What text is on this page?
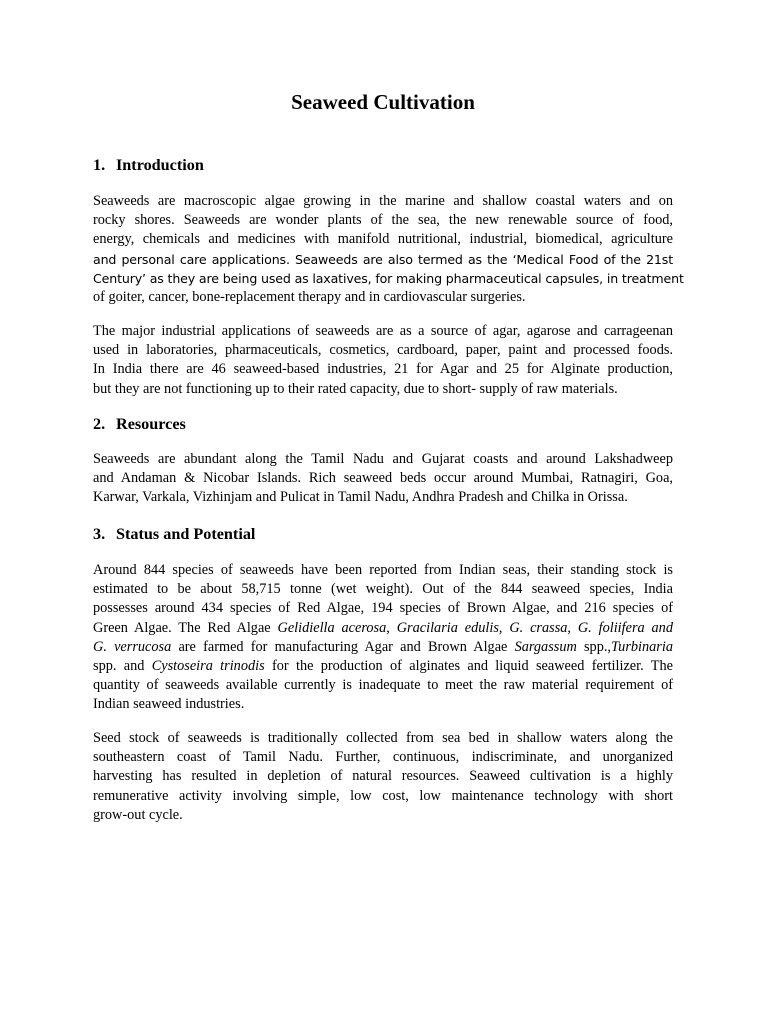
Seaweed Cultivation
1. Introduction

Seaweeds are macroscopic algae growing in the marine and shallow coastal waters and on
rocky shores. Seaweeds are wonder plants of the sea, the new renewable source of food,
energy, chemicals and medicines with manifold nutritional, industrial, biomedical, agriculture
and personal care applications. Seaweeds are also termed as the ‘Medical Food of the 21st
Century’ as they are being used as laxatives, for making pharmaceutical capsules, in treatment
of goiter, cancer, bone-replacement therapy and in cardiovascular surgeries.

The major industrial applications of seaweeds are as a source of agar, agarose and carrageenan
used in laboratories, pharmaceuticals, cosmetics, cardboard, paper, paint and processed foods.
In India there are 46 seaweed-based industries, 21 for Agar and 25 for Alginate production,
but they are not functioning up to their rated capacity, due to short- supply of raw materials.

2. Resources

Seaweeds are abundant along the Tamil Nadu and Gujarat coasts and around Lakshadweep
and Andaman & Nicobar Islands. Rich seaweed beds occur around Mumbai, Ratnagiri, Goa,
Karwar, Varkala, Vizhinjam and Pulicat in Tamil Nadu, Andhra Pradesh and Chilka in Orissa.

3. Status and Potential

Around 844 species of seaweeds have been reported from Indian seas, their standing stock is
estimated to be about 58,715 tonne (wet weight). Out of the 844 seaweed species, India
possesses around 434 species of Red Algae, 194 species of Brown Algae, and 216 species of
Green Algae. The Red Algae Gelidiella acerosa, Gracilaria edulis, G. crassa, G. foliifera and
G. verrucosa are farmed for manufacturing Agar and Brown Algae Sargassum spp.,Turbinaria
spp. and Cystoseira trinodis for the production of alginates and liquid seaweed fertilizer. The
quantity of seaweeds available currently is inadequate to meet the raw material requirement of
Indian seaweed industries.

Seed stock of seaweeds is traditionally collected from sea bed in shallow waters along the
southeastern coast of Tamil Nadu. Further, continuous, indiscriminate, and unorganized
harvesting has resulted in depletion of natural resources. Seaweed cultivation is a highly
remunerative activity involving simple, low cost, low maintenance technology with short
grow-out cycle.
